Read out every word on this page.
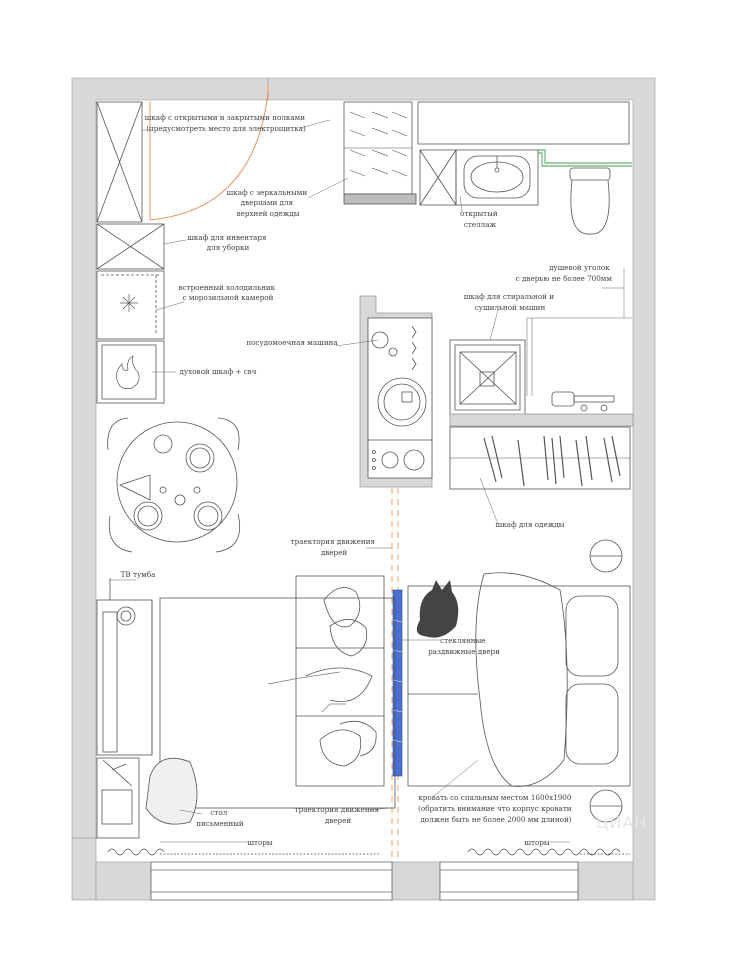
шкаф с открытыми и закрытыми полками (предусмотреть место для электрощитка)
шкаф с зеркальными дверцами для верхней одежды	открытый стеллаж
шкаф для инвентаря для уборки
встроенный холодильник с морозильной камерой
душевой уголок с дверью не более 700мм
шкаф для стиральной и сушильной машин
посудомоечная машина
духовой шкаф + свч
шкаф для одежды
траектория движения дверей
ТВ тумба
стеклянные раздвижные двери
траектория движения дверей
кровать со спальным местом 1600х1900 (обратить внимание что корпус кровати должен быть не более 2000 мм длиной)
стол письменный
шторы	шторы
ЦИАН
